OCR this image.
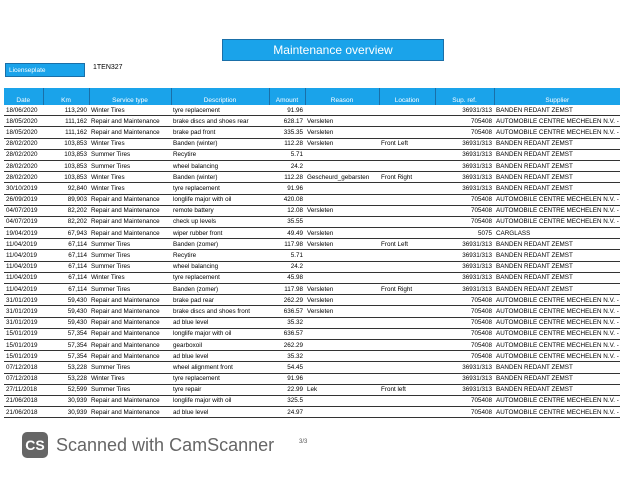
Maintenance overview
Licenseplate	1TEN327

Date	Km	Service type	Description	Amount	Reason	Location	Sup. ref.	Supplier
18/06/2020	113,290	Winter Tires	tyre replacement	91.96			36931/313	BANDEN REDANT ZEMST
18/05/2020	111,162	Repair and Maintenance	brake discs and shoes rear	628.17	Versleten		705408	AUTOMOBILE CENTRE MECHELEN N.V. -
18/05/2020	111,162	Repair and Maintenance	brake pad front	335.35	Versleten		705408	AUTOMOBILE CENTRE MECHELEN N.V. -
28/02/2020	103,853	Winter Tires	Banden (winter)	112.28	Versleten	Front Left	36931/313	BANDEN REDANT ZEMST
28/02/2020	103,853	Summer Tires	Recytire	5.71			36931/313	BANDEN REDANT ZEMST
28/02/2020	103,853	Summer Tires	wheel balancing	24.2			36931/313	BANDEN REDANT ZEMST
28/02/2020	103,853	Winter Tires	Banden (winter)	112.28	Gescheurd_gebarsten	Front Right	36931/313	BANDEN REDANT ZEMST
30/10/2019	92,840	Winter Tires	tyre replacement	91.96			36931/313	BANDEN REDANT ZEMST
26/09/2019	89,903	Repair and Maintenance	longlife major with oil	420.08			705408	AUTOMOBILE CENTRE MECHELEN N.V. -
04/07/2019	82,202	Repair and Maintenance	remote battery	12.08	Versleten		705408	AUTOMOBILE CENTRE MECHELEN N.V. -
04/07/2019	82,202	Repair and Maintenance	check up levels	35.55			705408	AUTOMOBILE CENTRE MECHELEN N.V. -
19/04/2019	67,943	Repair and Maintenance	wiper rubber front	49.49	Versleten		5075	CARGLASS
11/04/2019	67,114	Summer Tires	Banden (zomer)	117.98	Versleten	Front Left	36931/313	BANDEN REDANT ZEMST
11/04/2019	67,114	Summer Tires	Recytire	5.71			36931/313	BANDEN REDANT ZEMST
11/04/2019	67,114	Summer Tires	wheel balancing	24.2			36931/313	BANDEN REDANT ZEMST
11/04/2019	67,114	Winter Tires	tyre replacement	45.98			36931/313	BANDEN REDANT ZEMST
11/04/2019	67,114	Summer Tires	Banden (zomer)	117.98	Versleten	Front Right	36931/313	BANDEN REDANT ZEMST
31/01/2019	59,430	Repair and Maintenance	brake pad rear	262.29	Versleten		705408	AUTOMOBILE CENTRE MECHELEN N.V. -
31/01/2019	59,430	Repair and Maintenance	brake discs and shoes front	636.57	Versleten		705408	AUTOMOBILE CENTRE MECHELEN N.V. -
31/01/2019	59,430	Repair and Maintenance	ad blue level	35.32			705408	AUTOMOBILE CENTRE MECHELEN N.V. -
15/01/2019	57,354	Repair and Maintenance	longlife major with oil	636.57			705408	AUTOMOBILE CENTRE MECHELEN N.V. -
15/01/2019	57,354	Repair and Maintenance	gearboxoil	262.29			705408	AUTOMOBILE CENTRE MECHELEN N.V. -
15/01/2019	57,354	Repair and Maintenance	ad blue level	35.32			705408	AUTOMOBILE CENTRE MECHELEN N.V. -
07/12/2018	53,228	Summer Tires	wheel alignment front	54.45			36931/313	BANDEN REDANT ZEMST
07/12/2018	53,228	Winter Tires	tyre replacement	91.96			36931/313	BANDEN REDANT ZEMST
27/11/2018	52,599	Summer Tires	tyre repair	22.99	Lek	Front left	36931/313	BANDEN REDANT ZEMST
21/06/2018	30,939	Repair and Maintenance	longlife major with oil	325.5			705408	AUTOMOBILE CENTRE MECHELEN N.V. -
21/06/2018	30,939	Repair and Maintenance	ad blue level	24.97			705408	AUTOMOBILE CENTRE MECHELEN N.V. -
CS Scanned with CamScanner	3/3
